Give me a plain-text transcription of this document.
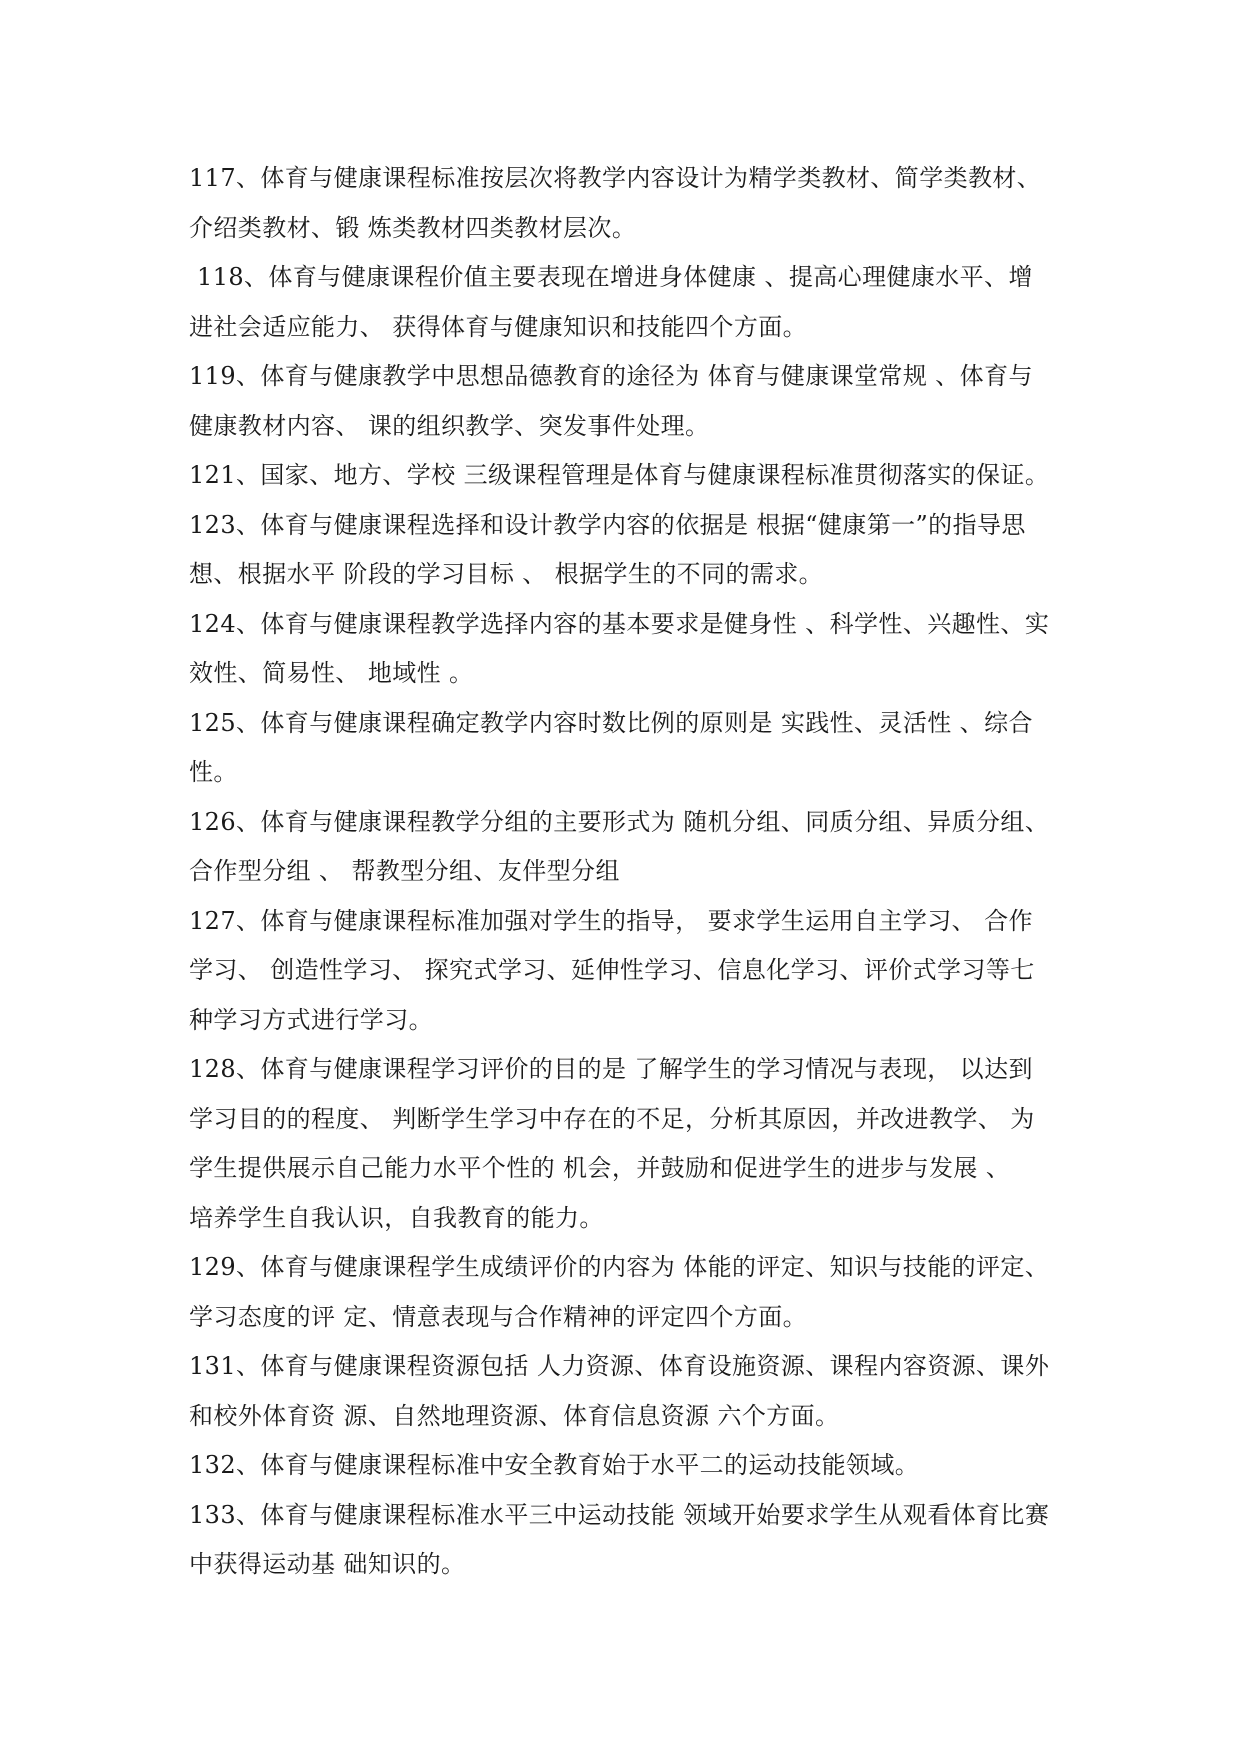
117、体育与健康课程标准按层次将教学内容设计为精学类教材、简学类教材、
介绍类教材、锻 炼类教材四类教材层次。
118、体育与健康课程价值主要表现在增进身体健康 、提高心理健康水平、增
进社会适应能力、 获得体育与健康知识和技能四个方面。
119、体育与健康教学中思想品德教育的途径为 体育与健康课堂常规 、体育与
健康教材内容、 课的组织教学、突发事件处理。
121、国家、地方、学校 三级课程管理是体育与健康课程标准贯彻落实的保证。
123、体育与健康课程选择和设计教学内容的依据是 根据“健康第一”的指导思
想、根据水平 阶段的学习目标 、 根据学生的不同的需求。
124、体育与健康课程教学选择内容的基本要求是健身性 、科学性、兴趣性、实
效性、简易性、 地域性 。
125、体育与健康课程确定教学内容时数比例的原则是 实践性、灵活性 、综合
性。
126、体育与健康课程教学分组的主要形式为 随机分组、同质分组、异质分组、
合作型分组 、 帮教型分组、友伴型分组
127、体育与健康课程标准加强对学生的指导， 要求学生运用自主学习、 合作
学习、 创造性学习、 探究式学习、延伸性学习、信息化学习、评价式学习等七
种学习方式进行学习。
128、体育与健康课程学习评价的目的是 了解学生的学习情况与表现， 以达到
学习目的的程度、 判断学生学习中存在的不足，分析其原因，并改进教学、 为
学生提供展示自己能力水平个性的 机会，并鼓励和促进学生的进步与发展 、
培养学生自我认识，自我教育的能力。
129、体育与健康课程学生成绩评价的内容为 体能的评定、知识与技能的评定、
学习态度的评 定、情意表现与合作精神的评定四个方面。
131、体育与健康课程资源包括 人力资源、体育设施资源、课程内容资源、课外
和校外体育资 源、自然地理资源、体育信息资源 六个方面。
132、体育与健康课程标准中安全教育始于水平二的运动技能领域。
133、体育与健康课程标准水平三中运动技能 领域开始要求学生从观看体育比赛
中获得运动基 础知识的。
